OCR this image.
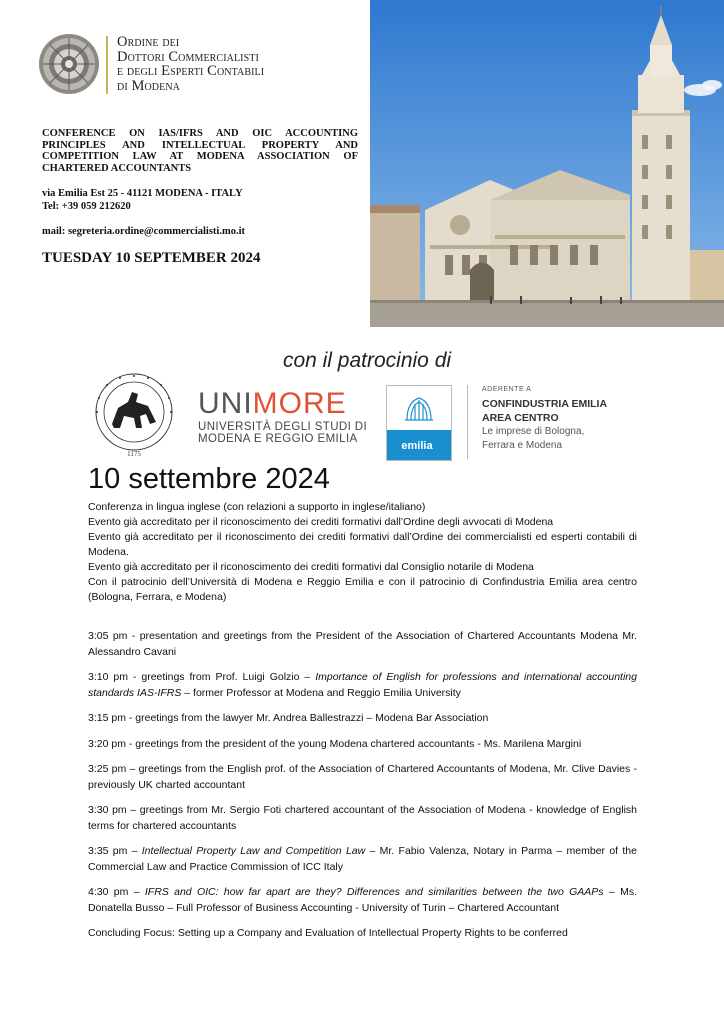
Ordine dei
Dottori Commercialisti
e degli Esperti Contabili
di Modena
CONFERENCE ON IAS/IFRS AND OIC ACCOUNTING PRINCIPLES AND INTELLECTUAL PROPERTY AND COMPETITION LAW AT MODENA ASSOCIATION OF CHARTERED ACCOUNTANTS
via Emilia Est 25 - 41121 MODENA - ITALY
Tel: +39 059 212620
mail: segreteria.ordine@commercialisti.mo.it
TUESDAY 10 SEPTEMBER 2024
con il patrocinio di
1175
UNIMORE
UNIVERSITÀ DEGLI STUDI DI
MODENA E REGGIO EMILIA
emilia
ADERENTE A
CONFINDUSTRIA EMILIA
AREA CENTRO
Le imprese di Bologna,
Ferrara e Modena
10 settembre 2024

Conferenza in lingua inglese (con relazioni a supporto in inglese/italiano)

Evento già accreditato per il riconoscimento dei crediti formativi dall’Ordine degli avvocati di Modena

Evento già accreditato per il riconoscimento dei crediti formativi dall’Ordine dei commercialisti ed esperti contabili di Modena.

Evento già accreditato per il riconoscimento dei crediti formativi dal Consiglio notarile di Modena

Con il patrocinio dell’Università di Modena e Reggio Emilia e con il patrocinio di Confindustria Emilia area centro (Bologna, Ferrara, e Modena)

3:05 pm - presentation and greetings from the President of the Association of Chartered Accountants Modena Mr. Alessandro Cavani

3:10 pm - greetings from Prof. Luigi Golzio – Importance of English for professions and international accounting standards IAS-IFRS – former Professor at Modena and Reggio Emilia University

3:15 pm - greetings from the lawyer Mr. Andrea Ballestrazzi – Modena Bar Association

3:20 pm - greetings from the president of the young Modena chartered accountants - Ms. Marilena Margini

3:25 pm – greetings from the English prof. of the Association of Chartered Accountants of Modena, Mr. Clive Davies - previously UK charted accountant

3:30 pm – greetings from Mr. Sergio Foti chartered accountant of the Association of Modena - knowledge of English terms for chartered accountants

3:35 pm – Intellectual Property Law and Competition Law – Mr. Fabio Valenza, Notary in Parma – member of the Commercial Law and Practice Commission of ICC Italy

4:30 pm – IFRS and OIC: how far apart are they? Differences and similarities between the two GAAPs – Ms. Donatella Busso – Full Professor of Business Accounting - University of Turin – Chartered Accountant

Concluding Focus: Setting up a Company and Evaluation of Intellectual Property Rights to be conferred
